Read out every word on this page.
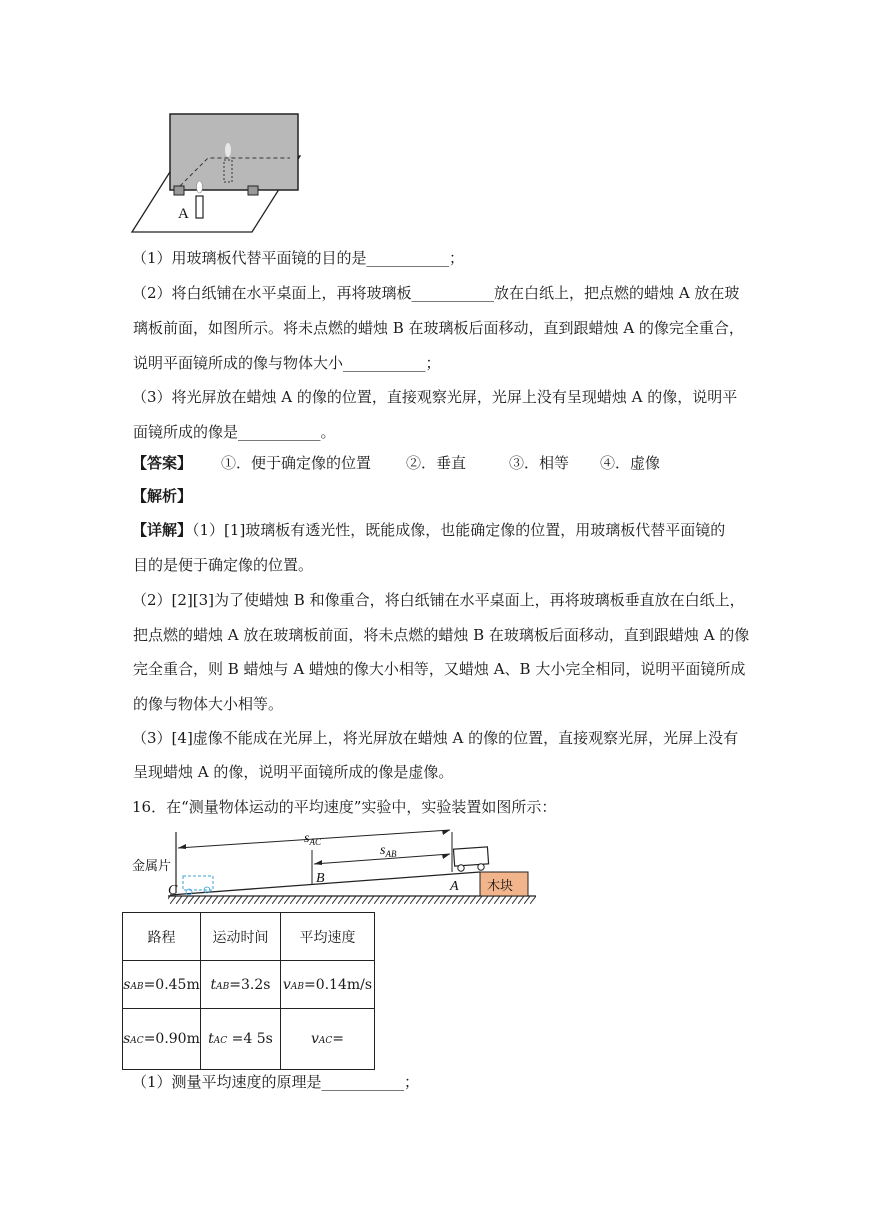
A
（1）用玻璃板代替平面镜的目的是___________；
（2）将白纸铺在水平桌面上，再将玻璃板___________放在白纸上，把点燃的蜡烛 A 放在玻
璃板前面，如图所示。将未点燃的蜡烛 B 在玻璃板后面移动，直到跟蜡烛 A 的像完全重合，
说明平面镜所成的像与物体大小___________；
（3）将光屏放在蜡烛 A 的像的位置，直接观察光屏，光屏上没有呈现蜡烛 A 的像，说明平
面镜所成的像是___________。
【答案】 ①．便于确定像的位置 ②．垂直	③．相等 ④．虚像
【解析】
【详解】（1）[1]玻璃板有透光性，既能成像，也能确定像的位置，用玻璃板代替平面镜的
目的是便于确定像的位置。
（2）[2][3]为了使蜡烛 B 和像重合，将白纸铺在水平桌面上，再将玻璃板垂直放在白纸上，
把点燃的蜡烛 A 放在玻璃板前面，将未点燃的蜡烛 B 在玻璃板后面移动，直到跟蜡烛 A 的像
完全重合，则 B 蜡烛与 A 蜡烛的像大小相等，又蜡烛 A、B 大小完全相同，说明平面镜所成
的像与物体大小相等。
（3）[4]虚像不能成在光屏上，将光屏放在蜡烛 A 的像的位置，直接观察光屏，光屏上没有
呈现蜡烛 A 的像，说明平面镜所成的像是虚像。
16．在“测量物体运动的平均速度”实验中，实验装置如图所示：
木块
金属片
C
B
A
$s_{AC}$
$s_{AB}$
路程	运动时间	平均速度
sAB=0.45m	tAB=3.2s	vAB=0.14m/s
sAC=0.90m	tAC =4 5s	vAC=
（1）测量平均速度的原理是___________；
